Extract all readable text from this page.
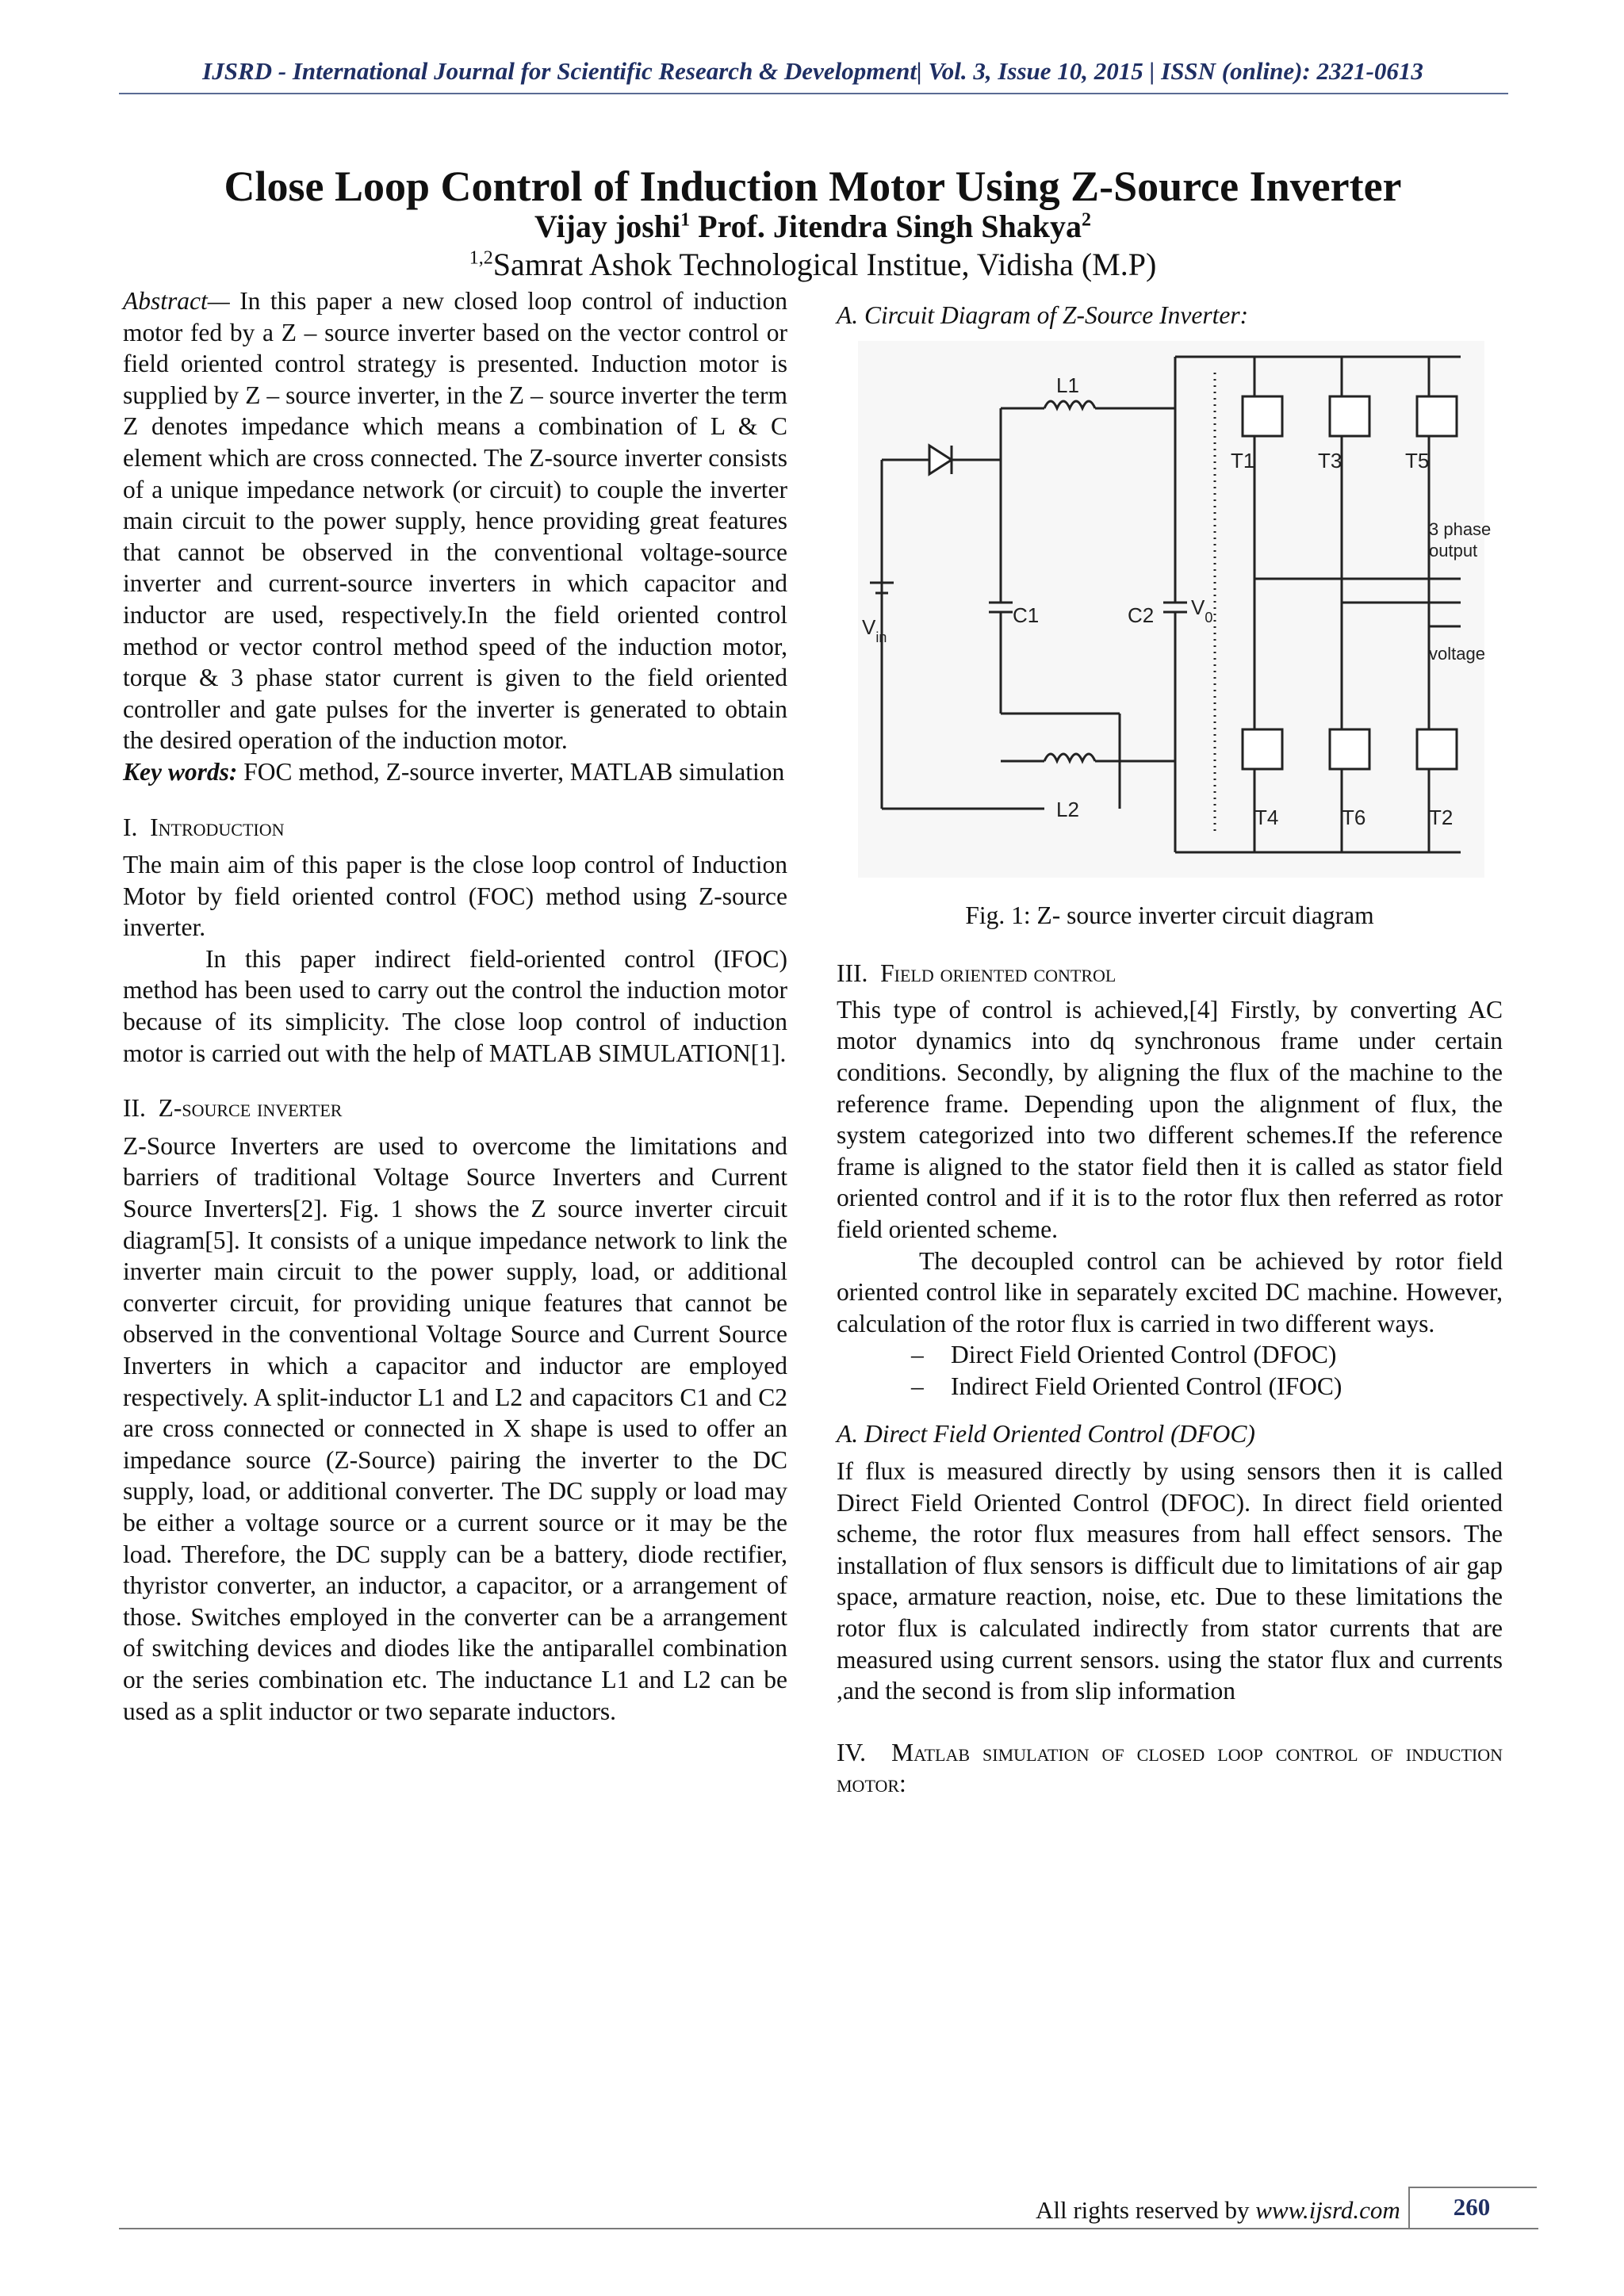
IJSRD - International Journal for Scientific Research & Development| Vol. 3, Issue 10, 2015 | ISSN (online): 2321-0613
Close Loop Control of Induction Motor Using Z-Source Inverter
Vijay joshi$^1$ Prof. Jitendra Singh Shakya$^2$
$^{1,2}$Samrat Ashok Technological Institue, Vidisha (M.P)

Abstract— In this paper a new closed loop control of induction motor fed by a Z – source inverter based on the vector control or field oriented control strategy is presented. Induction motor is supplied by Z – source inverter, in the Z – source inverter the term Z denotes impedance which means a combination of L & C element which are cross connected. The Z-source inverter consists of a unique impedance network (or circuit) to couple the inverter main circuit to the power supply, hence providing great features that cannot be observed in the conventional voltage-source inverter and current-source inverters in which capacitor and inductor are used, respectively.In the field oriented control method or vector control method speed of the induction motor, torque & 3 phase stator current is given to the field oriented controller and gate pulses for the inverter is generated to obtain the desired operation of the induction motor.

Key words: FOC method, Z-source inverter, MATLAB simulation

I. Introduction

The main aim of this paper is the close loop control of Induction Motor by field oriented control (FOC) method using Z-source inverter.

In this paper indirect field-oriented control (IFOC) method has been used to carry out the control the induction motor because of its simplicity. The close loop control of induction motor is carried out with the help of MATLAB SIMULATION[1].

II. Z-source inverter

Z-Source Inverters are used to overcome the limitations and barriers of traditional Voltage Source Inverters and Current Source Inverters[2]. Fig. 1 shows the Z source inverter circuit diagram[5]. It consists of a unique impedance network to link the inverter main circuit to the power supply, load, or additional converter circuit, for providing unique features that cannot be observed in the conventional Voltage Source and Current Source Inverters in which a capacitor and inductor are employed respectively. A split-inductor L1 and L2 and capacitors C1 and C2 are cross connected or connected in X shape is used to offer an impedance source (Z-Source) pairing the inverter to the DC supply, load, or additional converter. The DC supply or load may be either a voltage source or a current source or it may be the load. Therefore, the DC supply can be a battery, diode rectifier, thyristor converter, an inductor, a capacitor, or a arrangement of those. Switches employed in the converter can be a arrangement of switching devices and diodes like the antiparallel combination or the series combination etc. The inductance L1 and L2 can be used as a split inductor or two separate inductors.

A. Circuit Diagram of Z-Source Inverter:

L1
L2
C1	C2
$V_{in}$
$V_0$
T1	T3	T5
T4	T6	T2
3 phase
output
voltage

Fig. 1: Z- source inverter circuit diagram

III. Field oriented control

This type of control is achieved,[4] Firstly, by converting AC motor dynamics into dq synchronous frame under certain conditions. Secondly, by aligning the flux of the machine to the reference frame. Depending upon the alignment of flux, the system categorized into two different schemes.If the reference frame is aligned to the stator field then it is called as stator field oriented control and if it is to the rotor flux then referred as rotor field oriented scheme.

The decoupled control can be achieved by rotor field oriented control like in separately excited DC machine. However, calculation of the rotor flux is carried in two different ways.

–	Direct Field Oriented Control (DFOC)
–	Indirect Field Oriented Control (IFOC)

A. Direct Field Oriented Control (DFOC)

If flux is measured directly by using sensors then it is called Direct Field Oriented Control (DFOC). In direct field oriented scheme, the rotor flux measures from hall effect sensors. The installation of flux sensors is difficult due to limitations of air gap space, armature reaction, noise, etc. Due to these limitations the rotor flux is calculated indirectly from stator currents that are measured using current sensors. using the stator flux and currents ,and the second is from slip information

IV. Matlab simulation of closed loop control of induction motor:

All rights reserved by www.ijsrd.com	260
